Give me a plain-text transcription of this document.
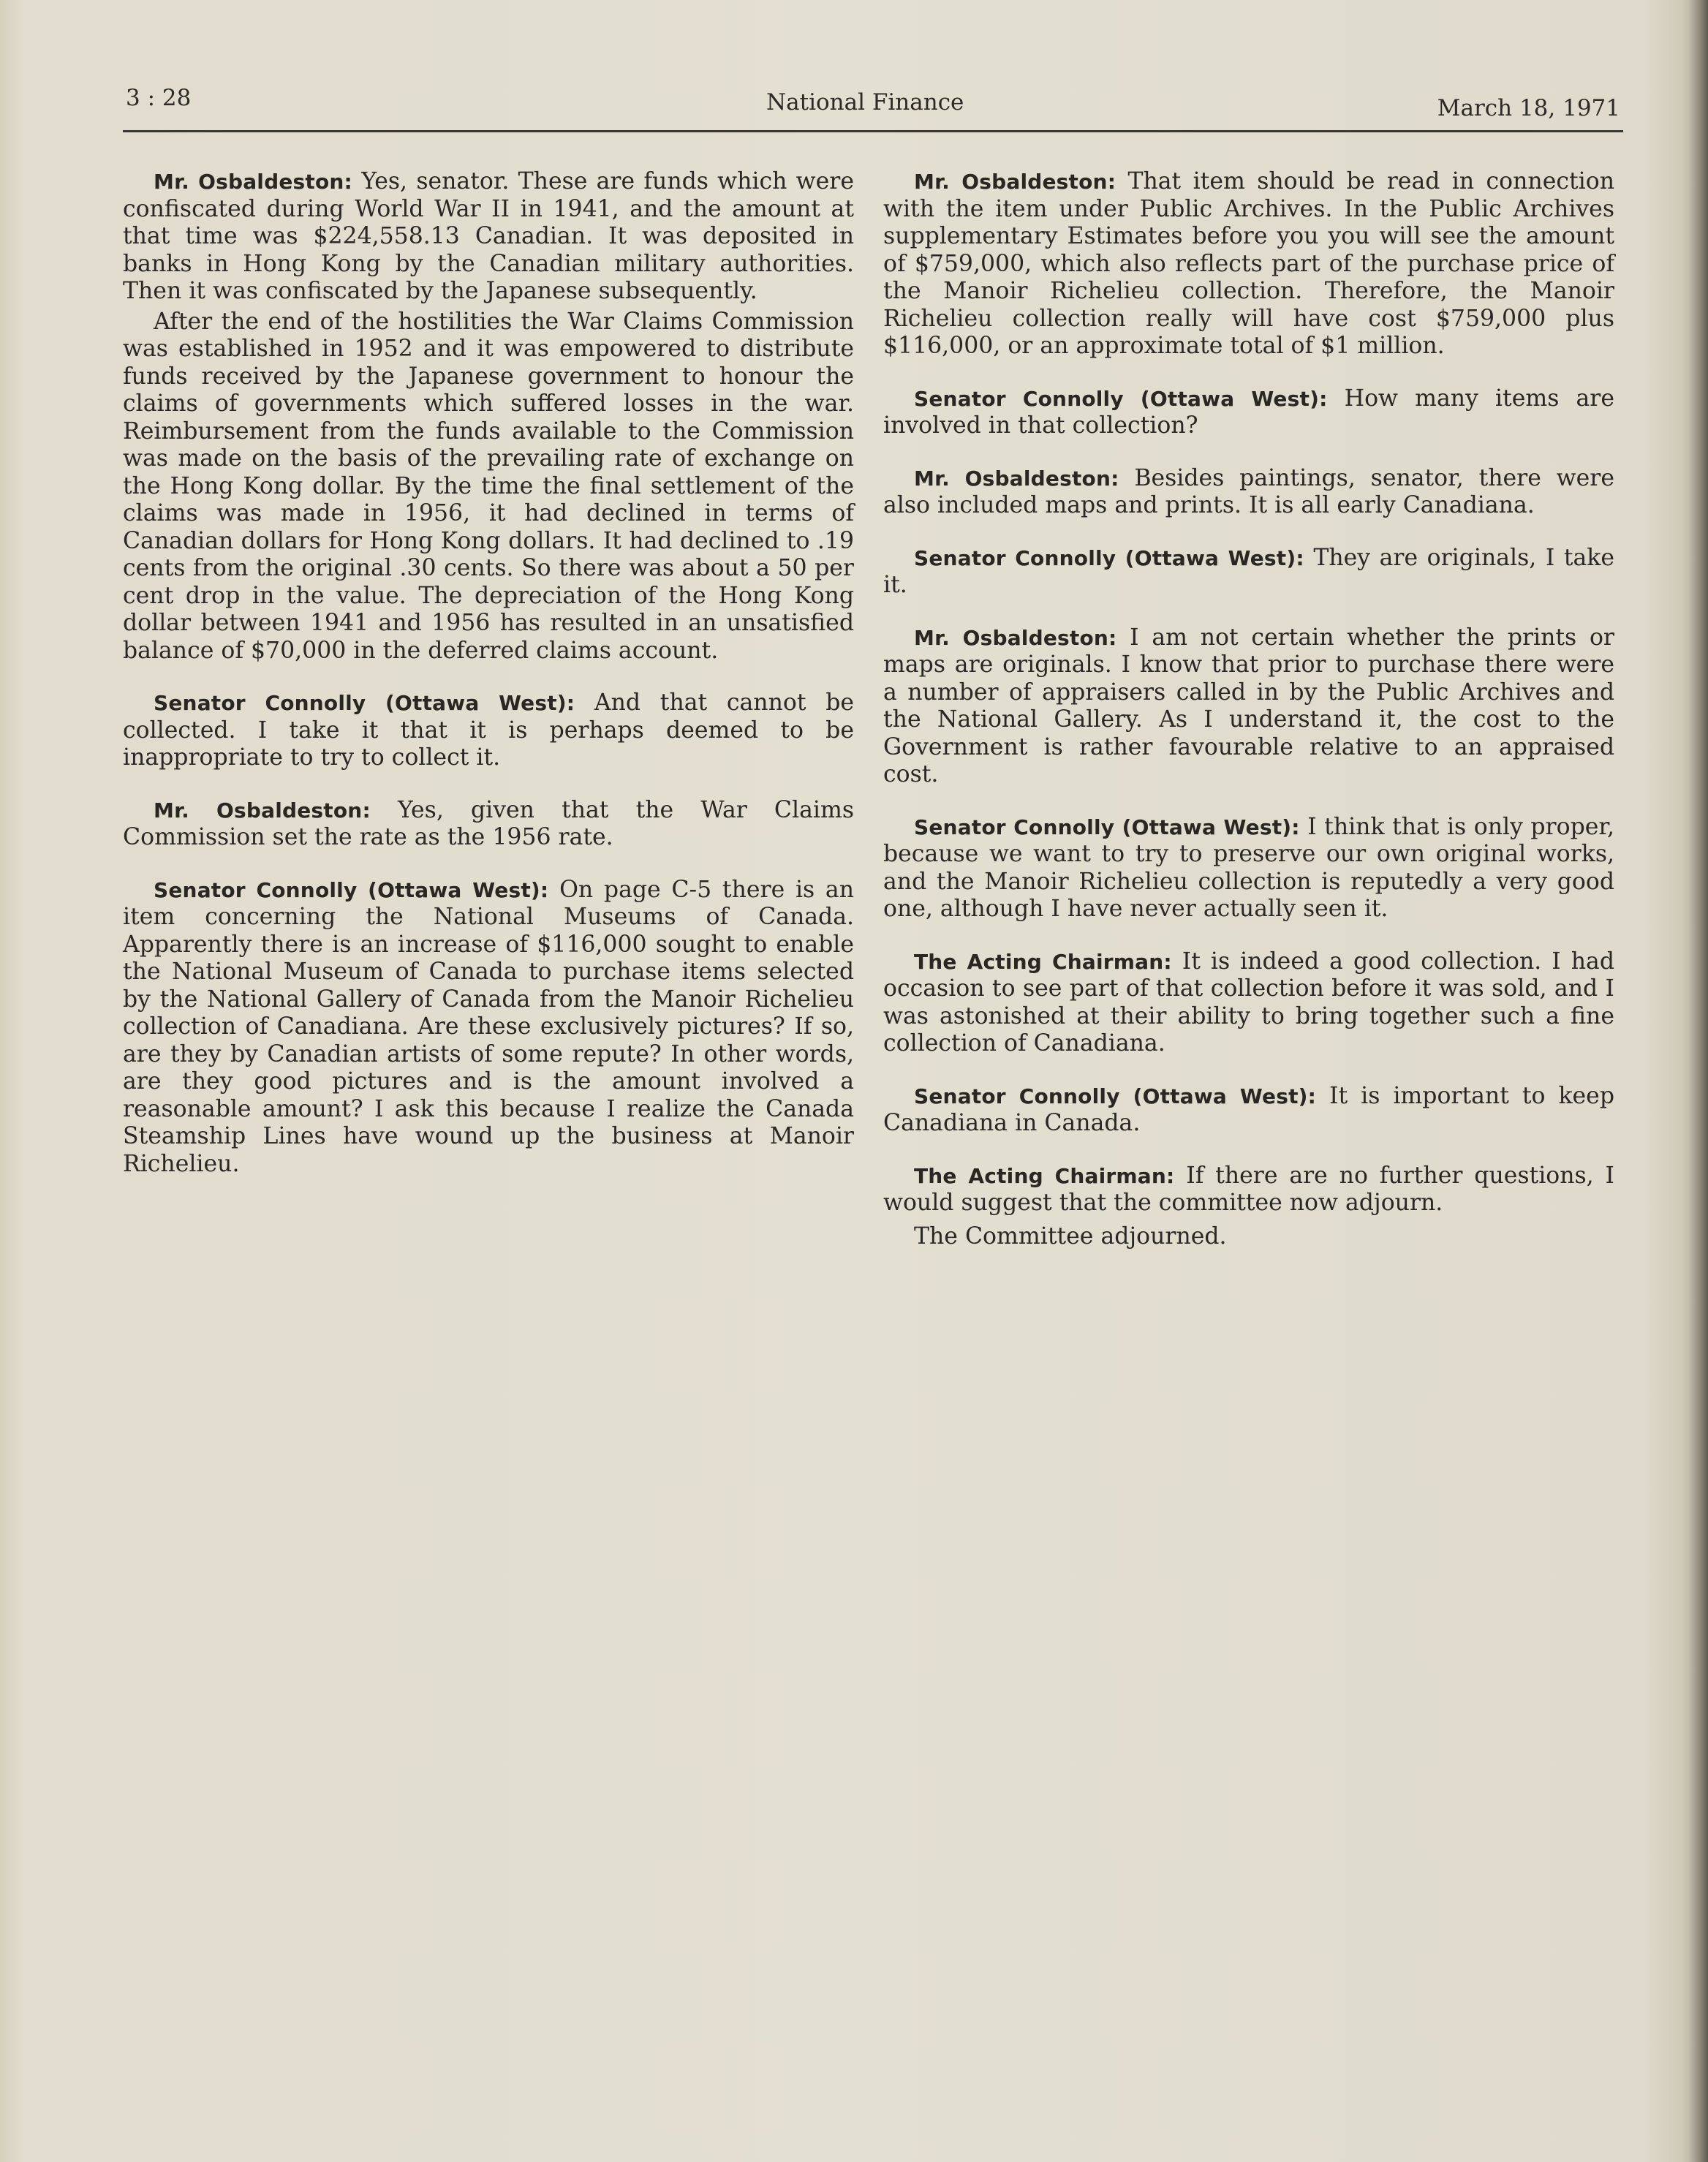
3 : 28	National Finance	March 18, 1971

Mr. Osbaldeston: Yes, senator. These are funds which were confiscated during World War II in 1941, and the amount at that time was $224,558.13 Canadian. It was deposited in banks in Hong Kong by the Canadian military authorities. Then it was confiscated by the Japanese subsequently.

After the end of the hostilities the War Claims Commission was established in 1952 and it was empowered to distribute funds received by the Japanese government to honour the claims of governments which suffered losses in the war. Reimbursement from the funds available to the Commission was made on the basis of the prevailing rate of exchange on the Hong Kong dollar. By the time the final settlement of the claims was made in 1956, it had declined in terms of Canadian dollars for Hong Kong dollars. It had declined to .19 cents from the original .30 cents. So there was about a 50 per cent drop in the value. The depreciation of the Hong Kong dollar between 1941 and 1956 has resulted in an unsatisfied balance of $70,000 in the deferred claims account.

Senator Connolly (Ottawa West): And that cannot be collected. I take it that it is perhaps deemed to be inappropriate to try to collect it.

Mr. Osbaldeston: Yes, given that the War Claims Commission set the rate as the 1956 rate.

Senator Connolly (Ottawa West): On page C-5 there is an item concerning the National Museums of Canada. Apparently there is an increase of $116,000 sought to enable the National Museum of Canada to purchase items selected by the National Gallery of Canada from the Manoir Richelieu collection of Canadiana. Are these exclusively pictures? If so, are they by Canadian artists of some repute? In other words, are they good pictures and is the amount involved a reasonable amount? I ask this because I realize the Canada Steamship Lines have wound up the business at Manoir Richelieu.

Mr. Osbaldeston: That item should be read in connection with the item under Public Archives. In the Public Archives supplementary Estimates before you you will see the amount of $759,000, which also reflects part of the purchase price of the Manoir Richelieu collection. Therefore, the Manoir Richelieu collection really will have cost $759,000 plus $116,000, or an approximate total of $1 million.

Senator Connolly (Ottawa West): How many items are involved in that collection?

Mr. Osbaldeston: Besides paintings, senator, there were also included maps and prints. It is all early Canadiana.

Senator Connolly (Ottawa West): They are originals, I take it.

Mr. Osbaldeston: I am not certain whether the prints or maps are originals. I know that prior to purchase there were a number of appraisers called in by the Public Archives and the National Gallery. As I understand it, the cost to the Government is rather favourable relative to an appraised cost.

Senator Connolly (Ottawa West): I think that is only proper, because we want to try to preserve our own original works, and the Manoir Richelieu collection is reputedly a very good one, although I have never actually seen it.

The Acting Chairman: It is indeed a good collection. I had occasion to see part of that collection before it was sold, and I was astonished at their ability to bring together such a fine collection of Canadiana.

Senator Connolly (Ottawa West): It is important to keep Canadiana in Canada.

The Acting Chairman: If there are no further questions, I would suggest that the committee now adjourn.

The Committee adjourned.
